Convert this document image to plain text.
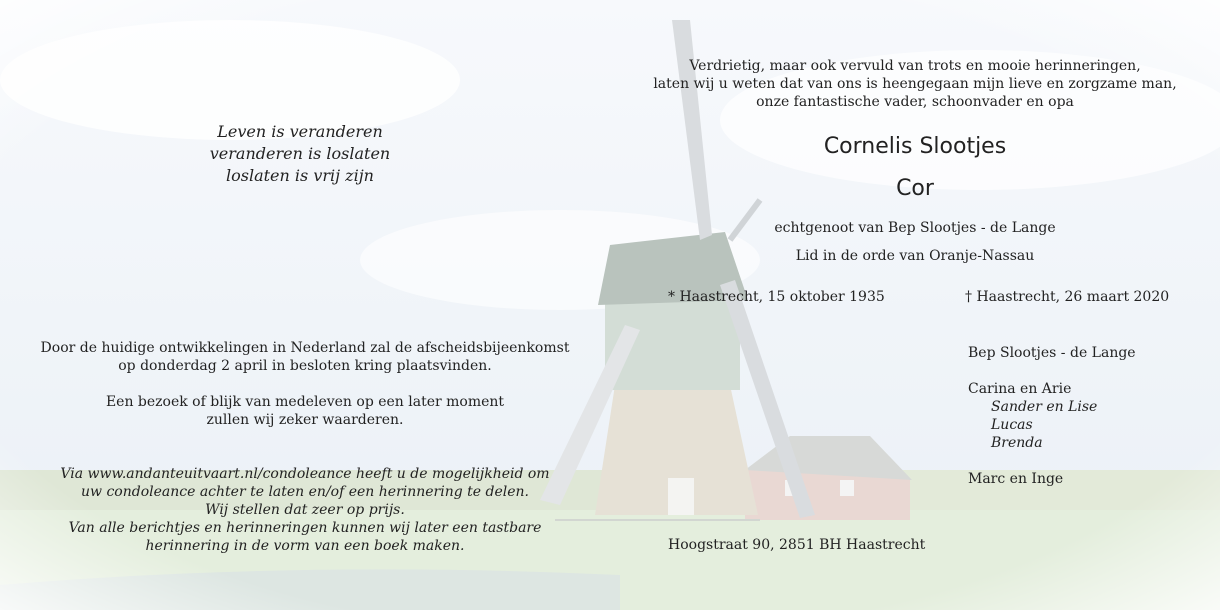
Leven is veranderen
veranderen is loslaten
loslaten is vrij zijn
Verdrietig, maar ook vervuld van trots en mooie herinneringen,
laten wij u weten dat van ons is heengegaan mijn lieve en zorgzame man,
onze fantastische vader, schoonvader en opa
Cornelis Slootjes
Cor
echtgenoot van Bep Slootjes - de Lange
Lid in de orde van Oranje-Nassau
* Haastrecht, 15 oktober 1935	† Haastrecht, 26 maart 2020
Door de huidige ontwikkelingen in Nederland zal de afscheidsbijeenkomst
op donderdag 2 april in besloten kring plaatsvinden.
Een bezoek of blijk van medeleven op een later moment
zullen wij zeker waarderen.
Via www.andanteuitvaart.nl/condoleance heeft u de mogelijkheid om
uw condoleance achter te laten en/of een herinnering te delen.
Wij stellen dat zeer op prijs.
Van alle berichtjes en herinneringen kunnen wij later een tastbare
herinnering in de vorm van een boek maken.
Bep Slootjes - de Lange
Carina en Arie
Sander en Lise
Lucas
Brenda
Marc en Inge
Hoogstraat 90, 2851 BH Haastrecht
